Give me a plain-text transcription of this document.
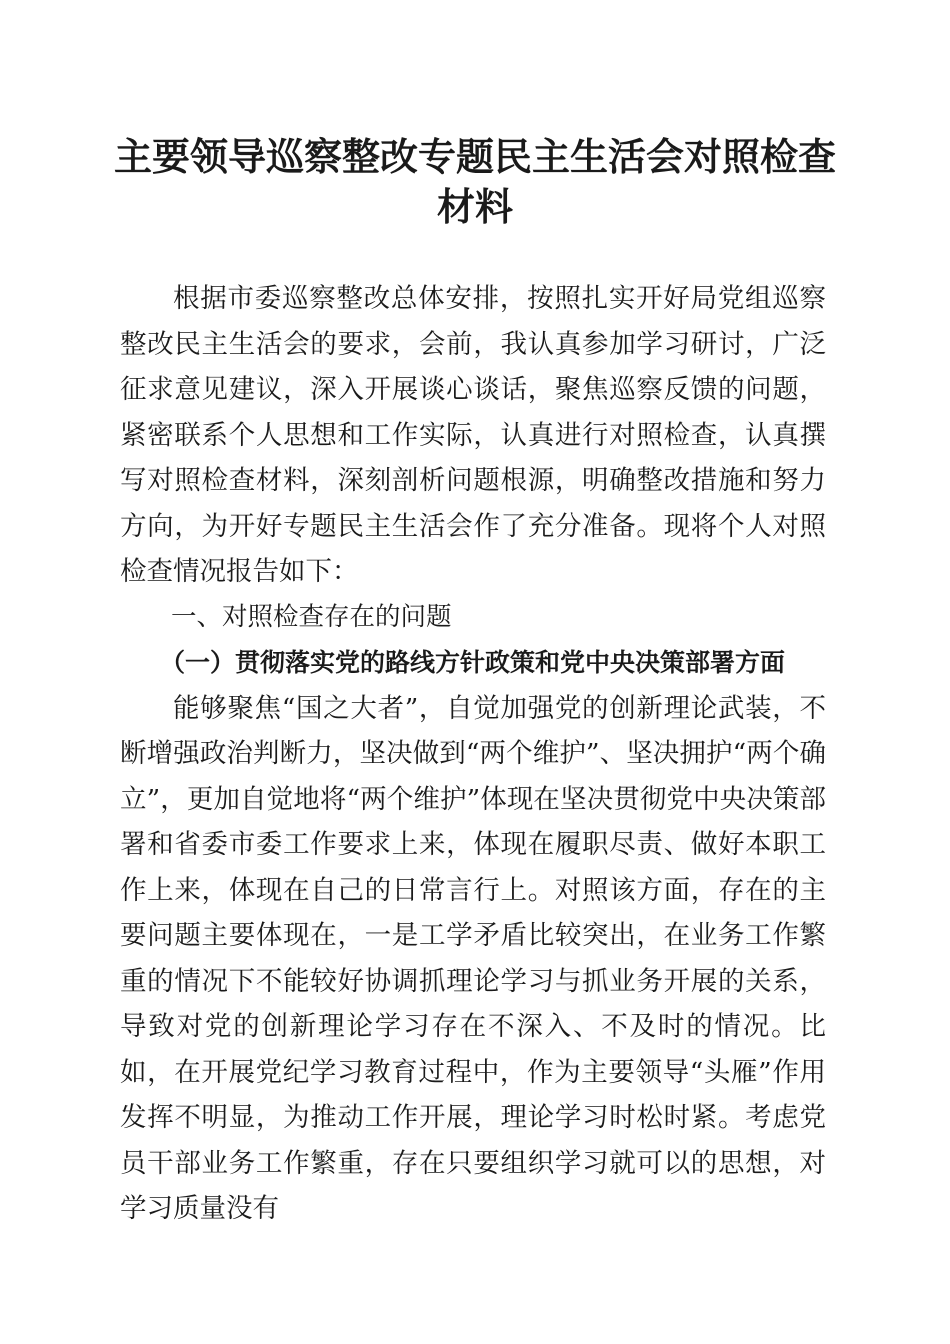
主要领导巡察整改专题民主生活会对照检查材料

根据市委巡察整改总体安排，按照扎实开好局党组巡察整改民主生活会的要求，会前，我认真参加学习研讨，广泛征求意见建议，深入开展谈心谈话，聚焦巡察反馈的问题，紧密联系个人思想和工作实际，认真进行对照检查，认真撰写对照检查材料，深刻剖析问题根源，明确整改措施和努力方向，为开好专题民主生活会作了充分准备。现将个人对照检查情况报告如下：

一、对照检查存在的问题

（一）贯彻落实党的路线方针政策和党中央决策部署方面

能够聚焦“国之大者”，自觉加强党的创新理论武装，不断增强政治判断力，坚决做到“两个维护”、坚决拥护“两个确立”，更加自觉地将“两个维护”体现在坚决贯彻党中央决策部署和省委市委工作要求上来，体现在履职尽责、做好本职工作上来，体现在自己的日常言行上。对照该方面，存在的主要问题主要体现在，一是工学矛盾比较突出，在业务工作繁重的情况下不能较好协调抓理论学习与抓业务开展的关系，导致对党的创新理论学习存在不深入、不及时的情况。比如，在开展党纪学习教育过程中，作为主要领导“头雁”作用发挥不明显，为推动工作开展，理论学习时松时紧。考虑党员干部业务工作繁重，存在只要组织学习就可以的思想，对学习质量没有
